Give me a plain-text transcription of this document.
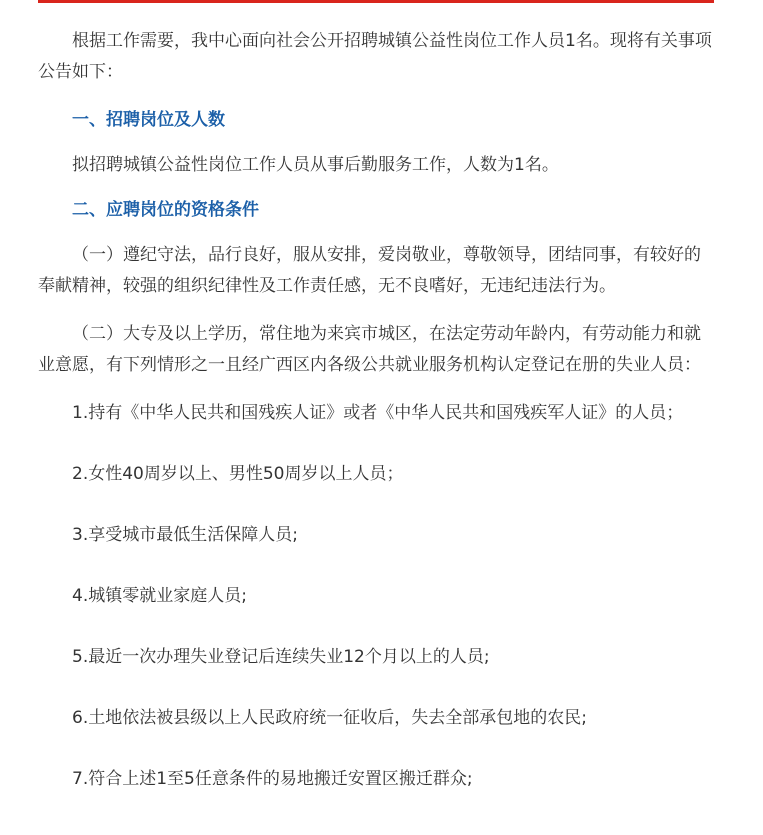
根据工作需要，我中心面向社会公开招聘城镇公益性岗位工作人员1名。现将有关事项公告如下：

一、招聘岗位及人数

拟招聘城镇公益性岗位工作人员从事后勤服务工作，人数为1名。

二、应聘岗位的资格条件

（一）遵纪守法，品行良好，服从安排，爱岗敬业，尊敬领导，团结同事，有较好的奉献精神，较强的组织纪律性及工作责任感，无不良嗜好，无违纪违法行为。

（二）大专及以上学历，常住地为来宾市城区，在法定劳动年龄内，有劳动能力和就业意愿，有下列情形之一且经广西区内各级公共就业服务机构认定登记在册的失业人员：

1.持有《中华人民共和国残疾人证》或者《中华人民共和国残疾军人证》的人员；

2.女性40周岁以上、男性50周岁以上人员；

3.享受城市最低生活保障人员;

4.城镇零就业家庭人员;

5.最近一次办理失业登记后连续失业12个月以上的人员;

6.土地依法被县级以上人民政府统一征收后，失去全部承包地的农民;

7.符合上述1至5任意条件的易地搬迁安置区搬迁群众;
